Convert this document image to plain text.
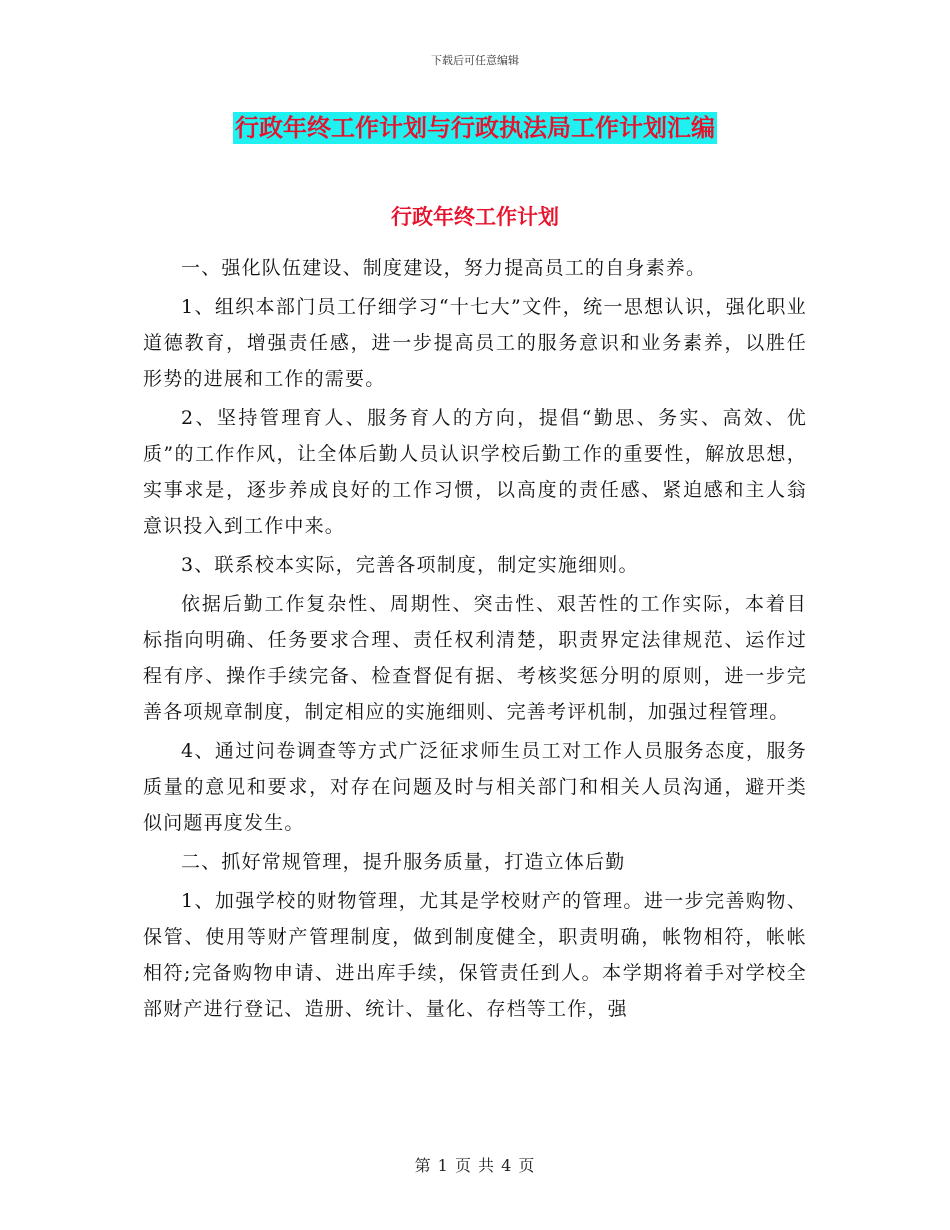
下载后可任意编辑
行政年终工作计划与行政执法局工作计划汇编
行政年终工作计划

一、强化队伍建设、制度建设，努力提高员工的自身素养。

1、组织本部门员工仔细学习“十七大”文件，统一思想认识，强化职业道德教育，增强责任感，进一步提高员工的服务意识和业务素养，以胜任形势的进展和工作的需要。

2、坚持管理育人、服务育人的方向，提倡“勤思、务实、高效、优质”的工作作风，让全体后勤人员认识学校后勤工作的重要性，解放思想，实事求是，逐步养成良好的工作习惯，以高度的责任感、紧迫感和主人翁意识投入到工作中来。

3、联系校本实际，完善各项制度，制定实施细则。

依据后勤工作复杂性、周期性、突击性、艰苦性的工作实际，本着目标指向明确、任务要求合理、责任权利清楚，职责界定法律规范、运作过程有序、操作手续完备、检查督促有据、考核奖惩分明的原则，进一步完善各项规章制度，制定相应的实施细则、完善考评机制，加强过程管理。

4、通过问卷调查等方式广泛征求师生员工对工作人员服务态度，服务质量的意见和要求，对存在问题及时与相关部门和相关人员沟通，避开类似问题再度发生。

二、抓好常规管理，提升服务质量，打造立体后勤

1、加强学校的财物管理，尤其是学校财产的管理。进一步完善购物、保管、使用等财产管理制度，做到制度健全，职责明确，帐物相符，帐帐相符;完备购物申请、进出库手续，保管责任到人。本学期将着手对学校全部财产进行登记、造册、统计、量化、存档等工作，强

第 1 页 共 4 页
